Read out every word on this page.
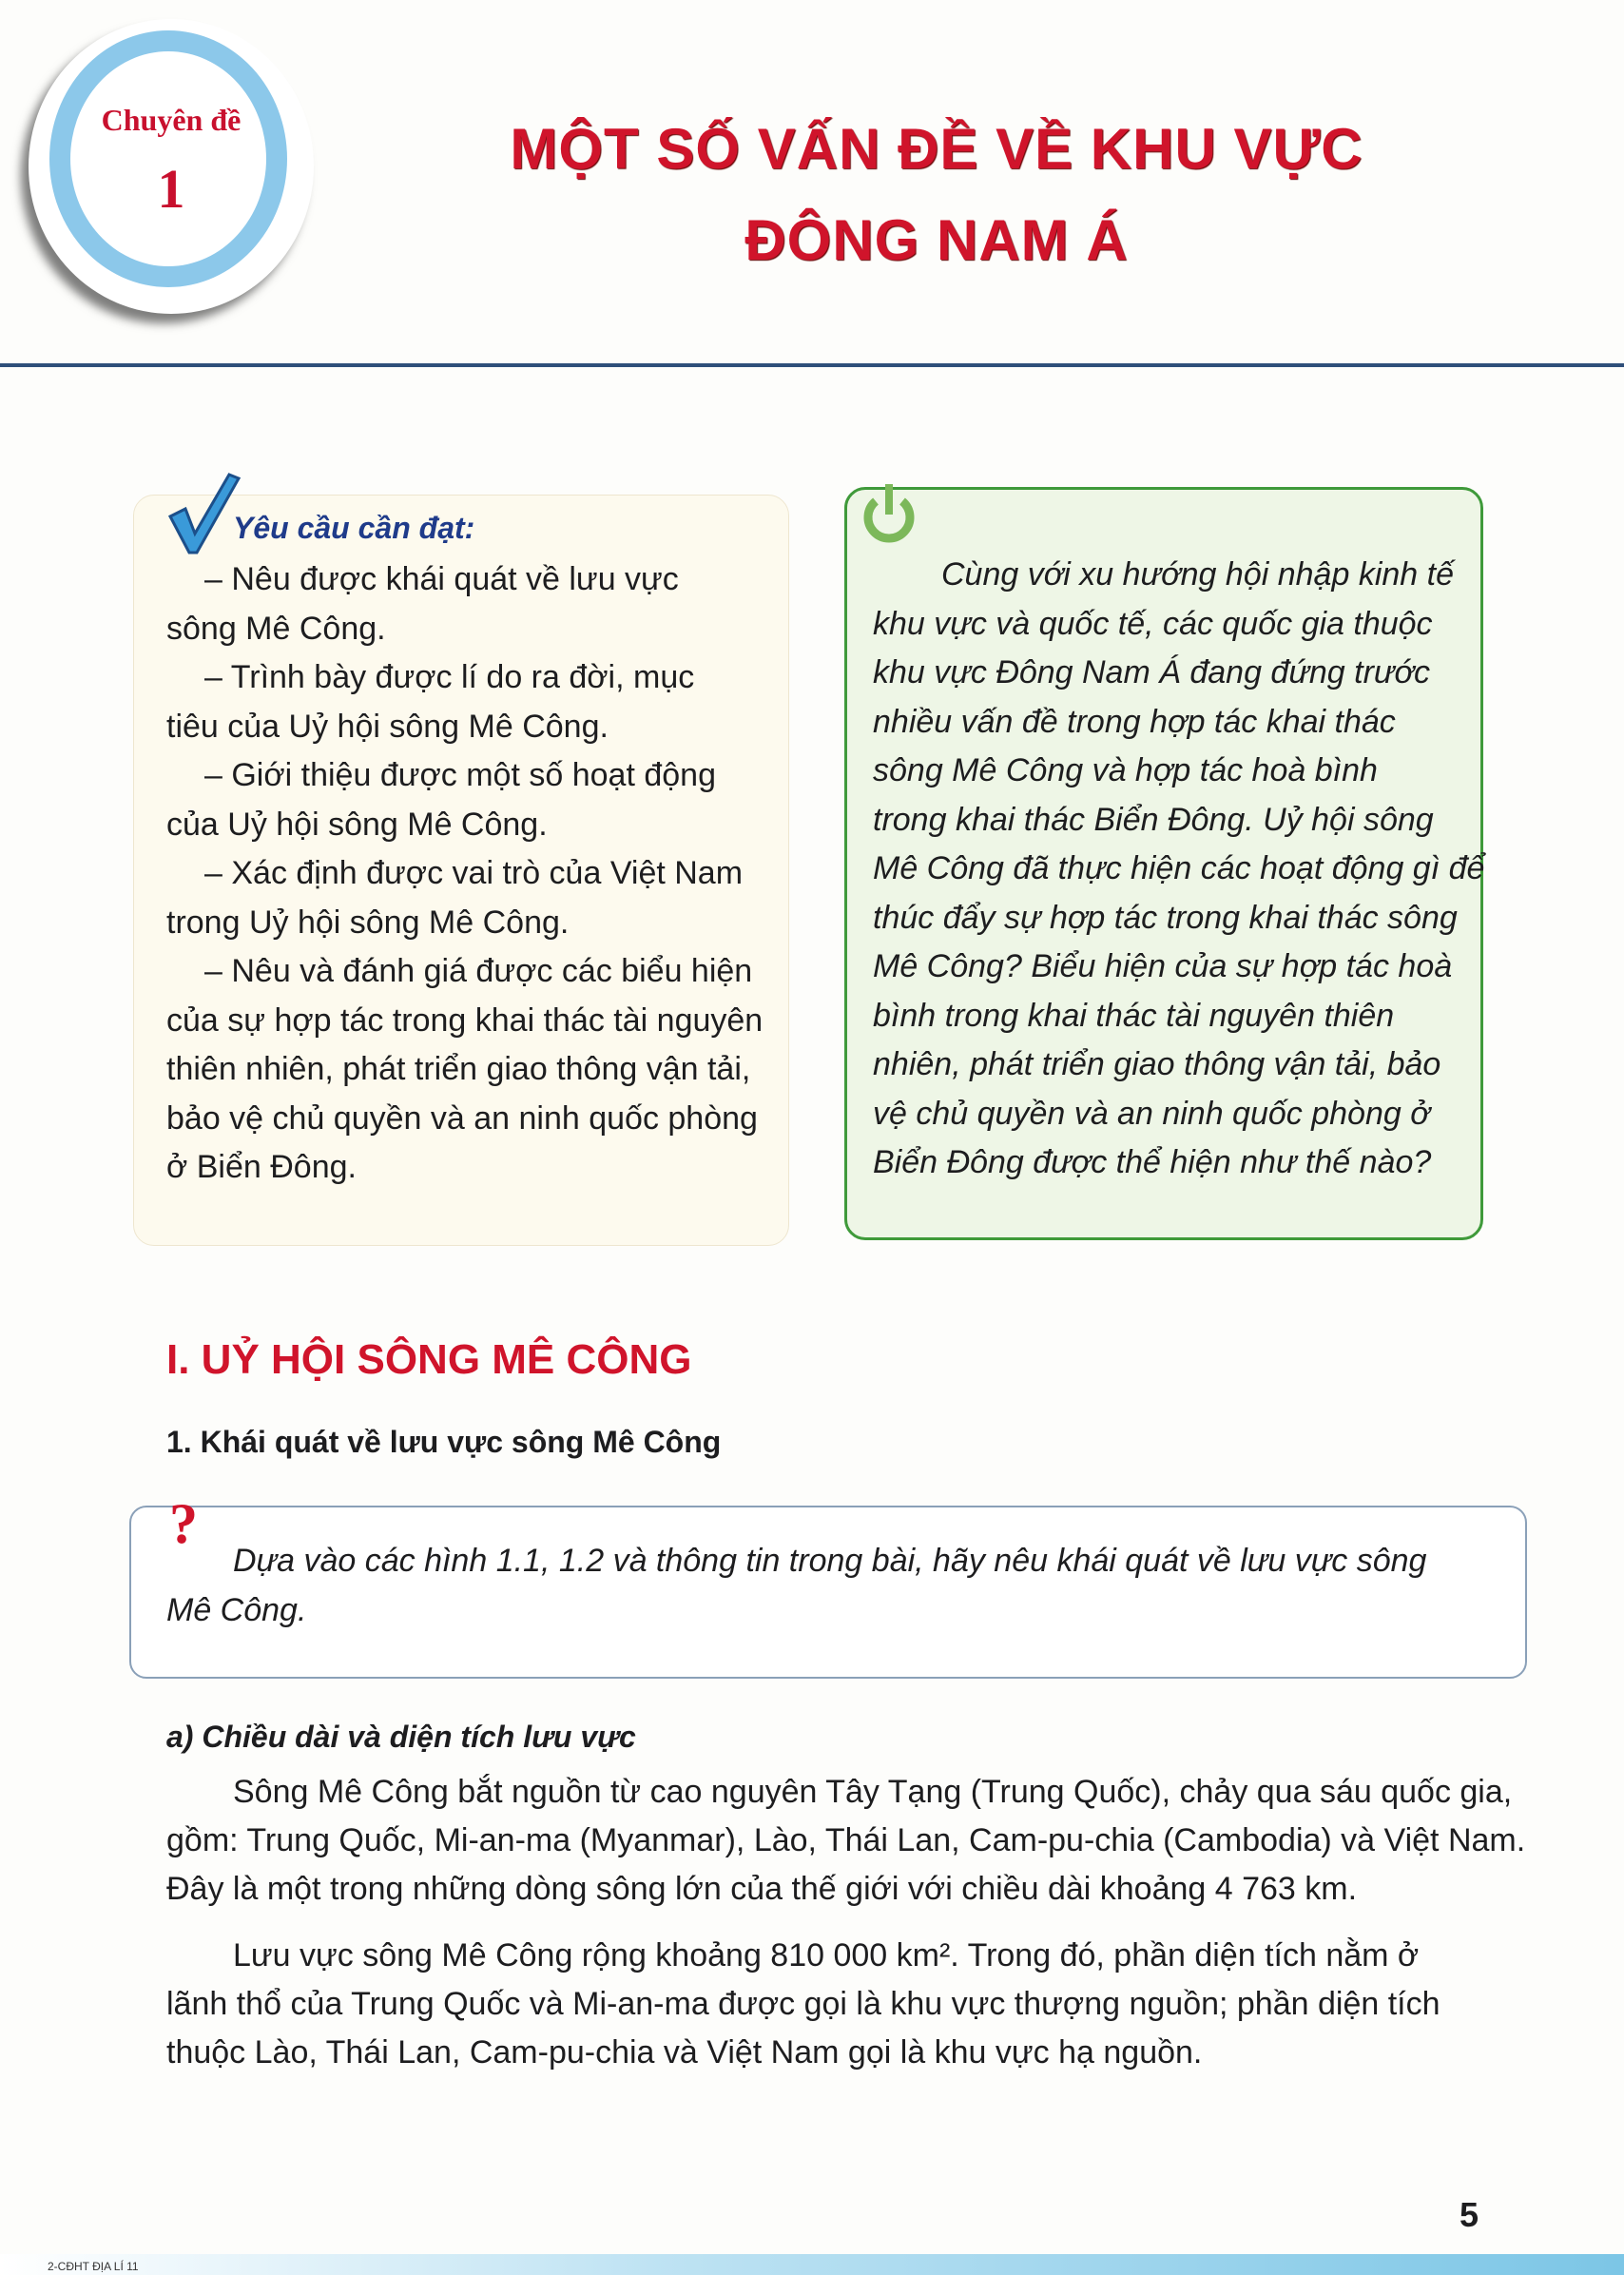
Chuyên đề
1
MỘT SỐ VẤN ĐỀ VỀ KHU VỰC
ĐÔNG NAM Á
Yêu cầu cần đạt:
– Nêu được khái quát về lưu vực
sông Mê Công.
– Trình bày được lí do ra đời, mục
tiêu của Uỷ hội sông Mê Công.
– Giới thiệu được một số hoạt động
của Uỷ hội sông Mê Công.
– Xác định được vai trò của Việt Nam
trong Uỷ hội sông Mê Công.
– Nêu và đánh giá được các biểu hiện
của sự hợp tác trong khai thác tài nguyên
thiên nhiên, phát triển giao thông vận tải,
bảo vệ chủ quyền và an ninh quốc phòng
ở Biển Đông.
Cùng với xu hướng hội nhập kinh tế
khu vực và quốc tế, các quốc gia thuộc
khu vực Đông Nam Á đang đứng trước
nhiều vấn đề trong hợp tác khai thác
sông Mê Công và hợp tác hoà bình
trong khai thác Biển Đông. Uỷ hội sông
Mê Công đã thực hiện các hoạt động gì để
thúc đẩy sự hợp tác trong khai thác sông
Mê Công? Biểu hiện của sự hợp tác hoà
bình trong khai thác tài nguyên thiên
nhiên, phát triển giao thông vận tải, bảo
vệ chủ quyền và an ninh quốc phòng ở
Biển Đông được thể hiện như thế nào?
I. UỶ HỘI SÔNG MÊ CÔNG
1. Khái quát về lưu vực sông Mê Công
?
Dựa vào các hình 1.1, 1.2 và thông tin trong bài, hãy nêu khái quát về lưu vực sông
Mê Công.
a) Chiều dài và diện tích lưu vực
Sông Mê Công bắt nguồn từ cao nguyên Tây Tạng (Trung Quốc), chảy qua sáu quốc gia,
gồm: Trung Quốc, Mi-an-ma (Myanmar), Lào, Thái Lan, Cam-pu-chia (Cambodia) và Việt Nam.
Đây là một trong những dòng sông lớn của thế giới với chiều dài khoảng 4 763 km.
Lưu vực sông Mê Công rộng khoảng 810 000 km². Trong đó, phần diện tích nằm ở
lãnh thổ của Trung Quốc và Mi-an-ma được gọi là khu vực thượng nguồn; phần diện tích
thuộc Lào, Thái Lan, Cam-pu-chia và Việt Nam gọi là khu vực hạ nguồn.
5
2-CĐHT ĐỊA LÍ 11
